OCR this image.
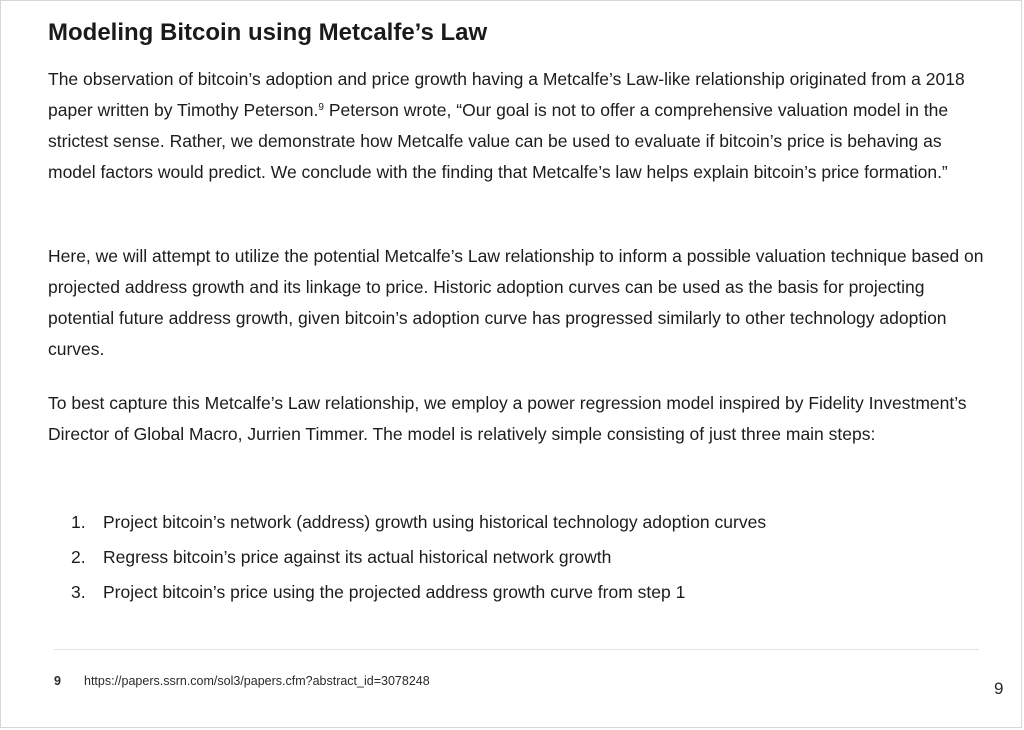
Modeling Bitcoin using Metcalfe’s Law

The observation of bitcoin’s adoption and price growth having a Metcalfe’s Law-like relationship originated from a 2018 paper written by Timothy Peterson.$^9$ Peterson wrote, “Our goal is not to offer a comprehensive valuation model in the strictest sense. Rather, we demonstrate how Metcalfe value can be used to evaluate if bitcoin’s price is behaving as model factors would predict. We conclude with the finding that Metcalfe’s law helps explain bitcoin’s price formation.”

Here, we will attempt to utilize the potential Metcalfe’s Law relationship to inform a possible valuation technique based on projected address growth and its linkage to price. Historic adoption curves can be used as the basis for projecting potential future address growth, given bitcoin’s adoption curve has progressed similarly to other technology adoption curves.

To best capture this Metcalfe’s Law relationship, we employ a power regression model inspired by Fidelity Investment’s Director of Global Macro, Jurrien Timmer. The model is relatively simple consisting of just three main steps:

1. Project bitcoin’s network (address) growth using historical technology adoption curves
2. Regress bitcoin’s price against its actual historical network growth
3. Project bitcoin’s price using the projected address growth curve from step 1
9 https://papers.ssrn.com/sol3/papers.cfm?abstract_id=3078248	9
